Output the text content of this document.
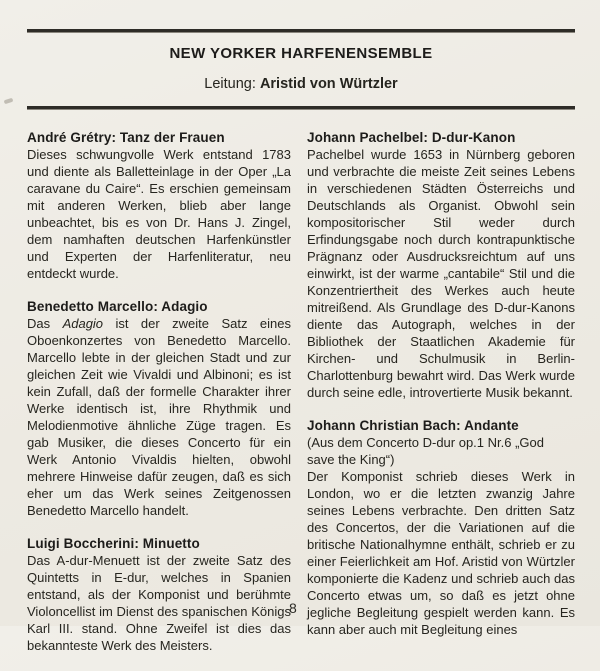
NEW YORKER HARFENENSEMBLE

Leitung: Aristid von Würtzler

André Grétry: Tanz der Frauen

Dieses schwungvolle Werk entstand 1783 und diente als Balletteinlage in der Oper „La caravane du Caire“. Es erschien gemeinsam mit anderen Werken, blieb aber lange unbeachtet, bis es von Dr. Hans J. Zingel, dem namhaften deutschen Harfenkünstler und Experten der Harfenliteratur, neu entdeckt wurde.

Benedetto Marcello: Adagio

Das Adagio ist der zweite Satz eines Oboenkonzertes von Benedetto Marcello. Marcello lebte in der gleichen Stadt und zur gleichen Zeit wie Vivaldi und Albinoni; es ist kein Zufall, daß der formelle Charakter ihrer Werke identisch ist, ihre Rhythmik und Melodienmotive ähnliche Züge tragen. Es gab Musiker, die dieses Concerto für ein Werk Antonio Vivaldis hielten, obwohl mehrere Hinweise dafür zeugen, daß es sich eher um das Werk seines Zeitgenossen Benedetto Marcello handelt.

Luigi Boccherini: Minuetto

Das A-dur-Menuett ist der zweite Satz des Quintetts in E-dur, welches in Spanien entstand, als der Komponist und berühmte Violoncellist im Dienst des spanischen Königs Karl III. stand. Ohne Zweifel ist dies das bekannteste Werk des Meisters.

Johann Pachelbel: D-dur-Kanon

Pachelbel wurde 1653 in Nürnberg geboren und verbrachte die meiste Zeit seines Lebens in verschiedenen Städten Österreichs und Deutschlands als Organist. Obwohl sein kompositorischer Stil weder durch Erfindungsgabe noch durch kontrapunktische Prägnanz oder Ausdrucksreichtum auf uns einwirkt, ist der warme „cantabile“ Stil und die Konzentriertheit des Werkes auch heute mitreißend. Als Grundlage des D-dur-Kanons diente das Autograph, welches in der Bibliothek der Staatlichen Akademie für Kirchen- und Schulmusik in Berlin-Charlottenburg bewahrt wird. Das Werk wurde durch seine edle, introvertierte Musik bekannt.

Johann Christian Bach: Andante

(Aus dem Concerto D-dur op.1 Nr.6 „God save the King“)

Der Komponist schrieb dieses Werk in London, wo er die letzten zwanzig Jahre seines Lebens verbrachte. Den dritten Satz des Concertos, der die Variationen auf die britische Nationalhymne enthält, schrieb er zu einer Feierlichkeit am Hof. Aristid von Würtzler komponierte die Kadenz und schrieb auch das Concerto etwas um, so daß es jetzt ohne jegliche Begleitung gespielt werden kann. Es kann aber auch mit Begleitung eines

8
